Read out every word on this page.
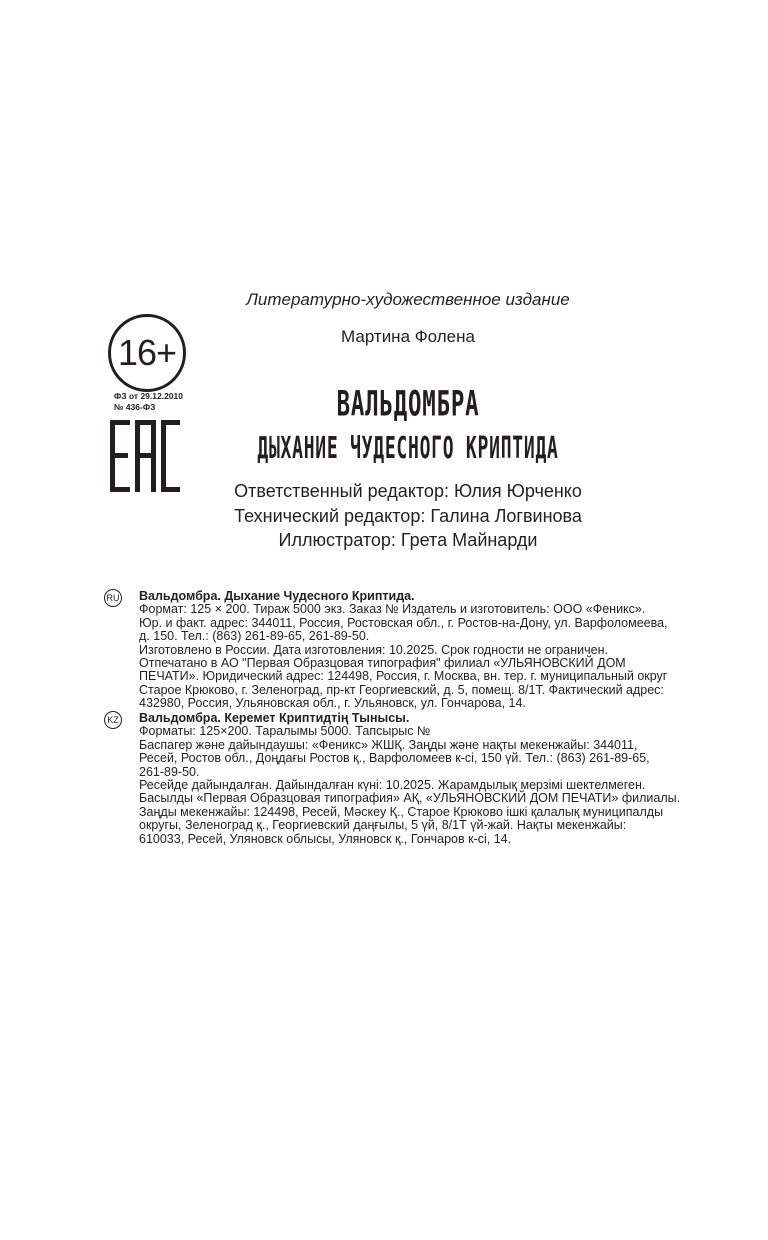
Литературно-художественное издание
Мартина Фолена
16+
ФЗ от 29.12.2010
№ 436-ФЗ	ВАЛЬДОМБРА
ДЫХАНИЕ ЧУДЕСНОГО КРИПТИДА
Ответственный редактор: Юлия Юрченко
Технический редактор: Галина Логвинова
Иллюстратор: Грета Майнарди
RU Вальдомбра. Дыхание Чудесного Криптида.

Формат: 125 × 200. Тираж 5000 экз. Заказ № Издатель и изготовитель: ООО «Феникс».
Юр. и факт. адрес: 344011, Россия, Ростовская обл., г. Ростов-на-Дону, ул. Варфоломеева,
д. 150. Тел.: (863) 261-89-65, 261-89-50.
Изготовлено в России. Дата изготовления: 10.2025. Срок годности не ограничен.
Отпечатано в АО "Первая Образцовая типография" филиал «УЛЬЯНОВСКИЙ ДОМ
ПЕЧАТИ». Юридический адрес: 124498, Россия, г. Москва, вн. тер. г. муниципальный округ
Старое Крюково, г. Зеленоград, пр-кт Георгиевский, д. 5, помещ. 8/1Т. Фактический адрес:
432980, Россия, Ульяновская обл., г. Ульяновск, ул. Гончарова, 14.

KZ Вальдомбра. Керемет Криптидтің Тынысы.

Форматы: 125×200. Таралымы 5000. Тапсырыс №
Баспагер және дайындаушы: «Феникс» ЖШҚ. Заңды және нақты мекенжайы: 344011,
Ресей, Ростов обл., Доңдағы Ростов қ., Варфоломеев к-сі, 150 үй. Тел.: (863) 261-89-65,
261-89-50.
Ресейде дайындалған. Дайындалған күні: 10.2025. Жарамдылық мерзімі шектелмеген.
Басылды «Первая Образцовая типография» АҚ, «УЛЬЯНОВСКИЙ ДОМ ПЕЧАТИ» филиалы.
Заңды мекенжайы: 124498, Ресей, Мәскеу Қ., Старое Крюково ішкі қалалық муниципалды
округы, Зеленоград қ., Георгиевский даңғылы, 5 үй, 8/1Т үй-жай. Нақты мекенжайы:
610033, Ресей, Уляновск облысы, Уляновск қ., Гончаров к-сі, 14.
